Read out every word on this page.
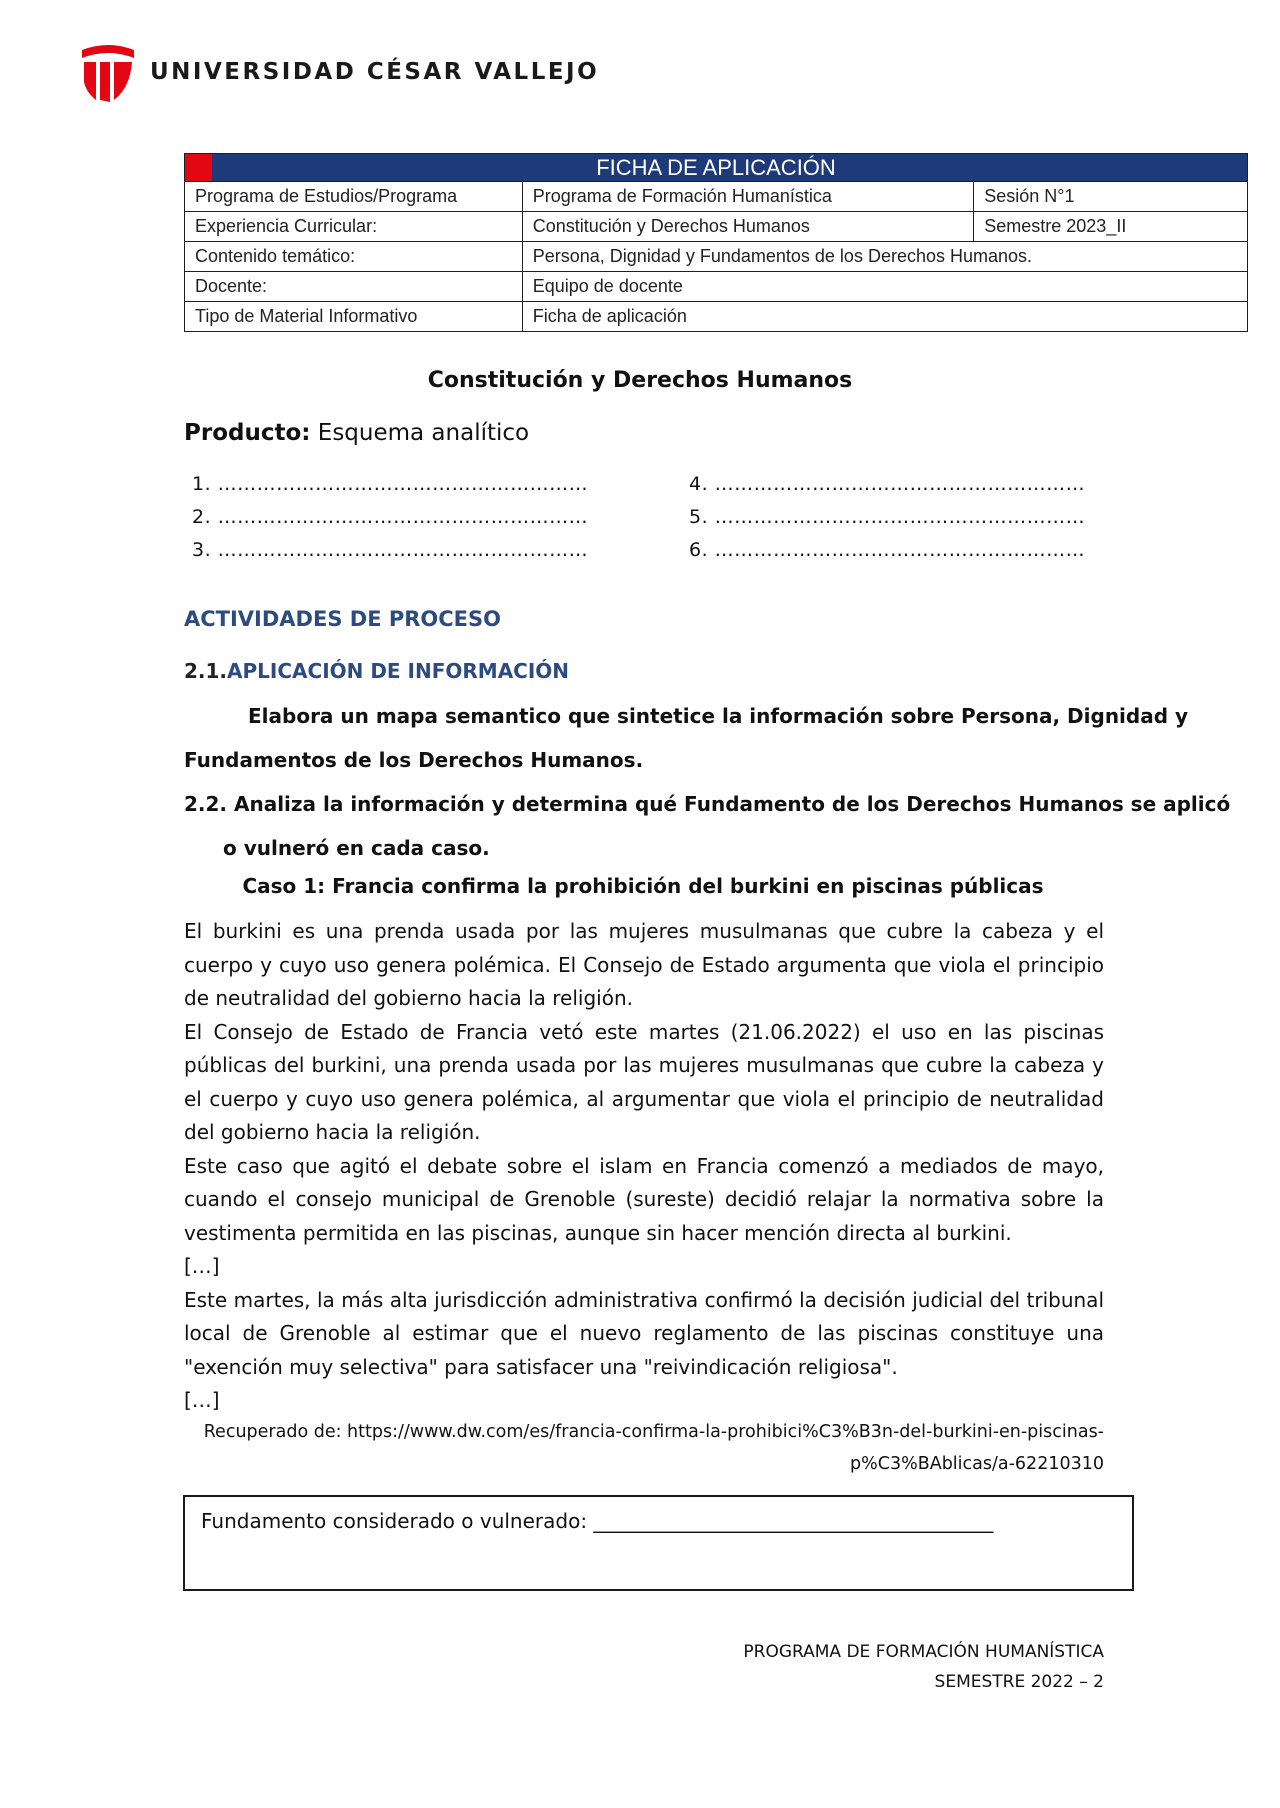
UNIVERSIDAD CÉSAR VALLEJO
FICHA DE APLICACIÓN		
Programa de Estudios/Programa	Programa de Formación Humanística	Sesión N°1
Experiencia Curricular:	Constitución y Derechos Humanos	Semestre 2023_II
Contenido temático:	Persona, Dignidad y Fundamentos de los Derechos Humanos.	
Docente:	Equipo de docente	
Tipo de Material Informativo	Ficha de aplicación	
Constitución y Derechos Humanos
Producto: Esquema analítico
1. …………………………………………………
2. …………………………………………………
3. …………………………………………………
4. …………………………………………………
5. …………………………………………………
6. …………………………………………………
ACTIVIDADES DE PROCESO
2.1.APLICACIÓN DE INFORMACIÓN
Elabora un mapa semantico que sintetice la información sobre Persona, Dignidad y
Fundamentos de los Derechos Humanos.
2.2. Analiza la información y determina qué Fundamento de los Derechos Humanos se aplicó
o vulneró en cada caso.
Caso 1: Francia confirma la prohibición del burkini en piscinas públicas

El burkini es una prenda usada por las mujeres musulmanas que cubre la cabeza y el cuerpo y cuyo uso genera polémica. El Consejo de Estado argumenta que viola el principio de neutralidad del gobierno hacia la religión.

El Consejo de Estado de Francia vetó este martes (21.06.2022) el uso en las piscinas públicas del burkini, una prenda usada por las mujeres musulmanas que cubre la cabeza y el cuerpo y cuyo uso genera polémica, al argumentar que viola el principio de neutralidad del gobierno hacia la religión.

Este caso que agitó el debate sobre el islam en Francia comenzó a mediados de mayo, cuando el consejo municipal de Grenoble (sureste) decidió relajar la normativa sobre la vestimenta permitida en las piscinas, aunque sin hacer mención directa al burkini.

[…]

Este martes, la más alta jurisdicción administrativa confirmó la decisión judicial del tribunal local de Grenoble al estimar que el nuevo reglamento de las piscinas constituye una "exención muy selectiva" para satisfacer una "reivindicación religiosa".

[…]

Recuperado de: https://www.dw.com/es/francia-confirma-la-prohibici%C3%B3n-del-burkini-en-piscinas-
p%C3%BAblicas/a-62210310
Fundamento considerado o vulnerado: ________________________________________
PROGRAMA DE FORMACIÓN HUMANÍSTICA
SEMESTRE 2022 – 2
